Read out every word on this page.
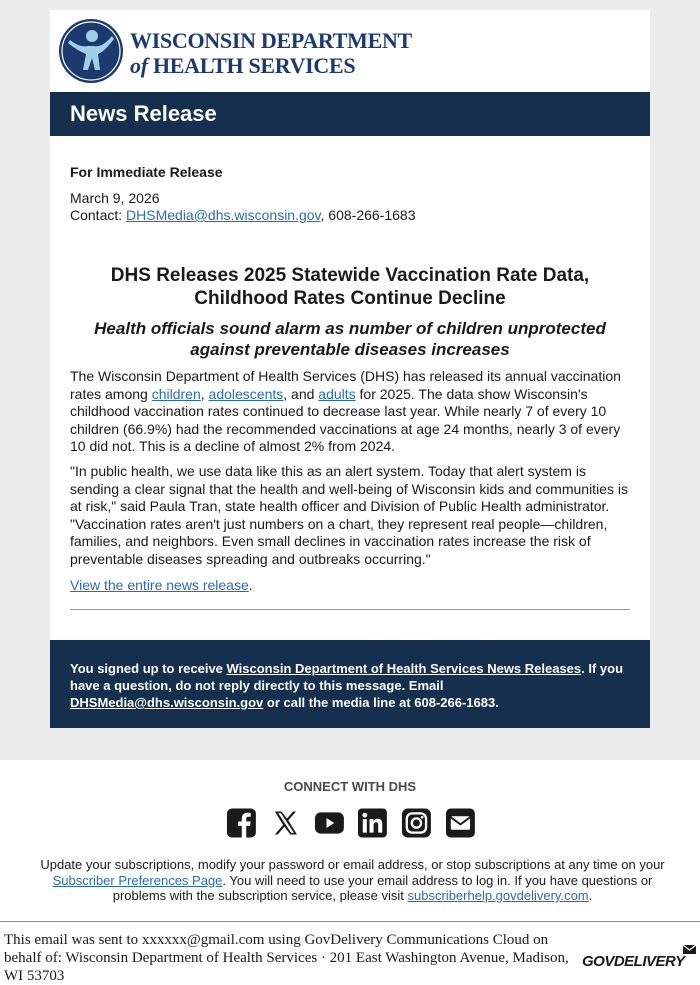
WISCONSIN DEPARTMENT
of HEALTH SERVICES
News Release
For Immediate Release
March 9, 2026
Contact: DHSMedia@dhs.wisconsin.gov, 608-266-1683
DHS Releases 2025 Statewide Vaccination Rate Data, Childhood Rates Continue Decline
Health officials sound alarm as number of children unprotected against preventable diseases increases
The Wisconsin Department of Health Services (DHS) has released its annual vaccination rates among children, adolescents, and adults for 2025. The data show Wisconsin's childhood vaccination rates continued to decrease last year. While nearly 7 of every 10 children (66.9%) had the recommended vaccinations at age 24 months, nearly 3 of every 10 did not. This is a decline of almost 2% from 2024.
"In public health, we use data like this as an alert system. Today that alert system is sending a clear signal that the health and well-being of Wisconsin kids and communities is at risk," said Paula Tran, state health officer and Division of Public Health administrator. "Vaccination rates aren't just numbers on a chart, they represent real people—children, families, and neighbors. Even small declines in vaccination rates increase the risk of preventable diseases spreading and outbreaks occurring."
View the entire news release.
You signed up to receive Wisconsin Department of Health Services News Releases. If you have a question, do not reply directly to this message. Email DHSMedia@dhs.wisconsin.gov or call the media line at 608-266-1683.
CONNECT WITH DHS
Update your subscriptions, modify your password or email address, or stop subscriptions at any time on your Subscriber Preferences Page. You will need to use your email address to log in. If you have questions or problems with the subscription service, please visit subscriberhelp.govdelivery.com.
This email was sent to xxxxxx@gmail.com using GovDelivery Communications Cloud on behalf of: Wisconsin Department of Health Services · 201 East Washington Avenue, Madison, WI 53703
GOVDELIVERY
